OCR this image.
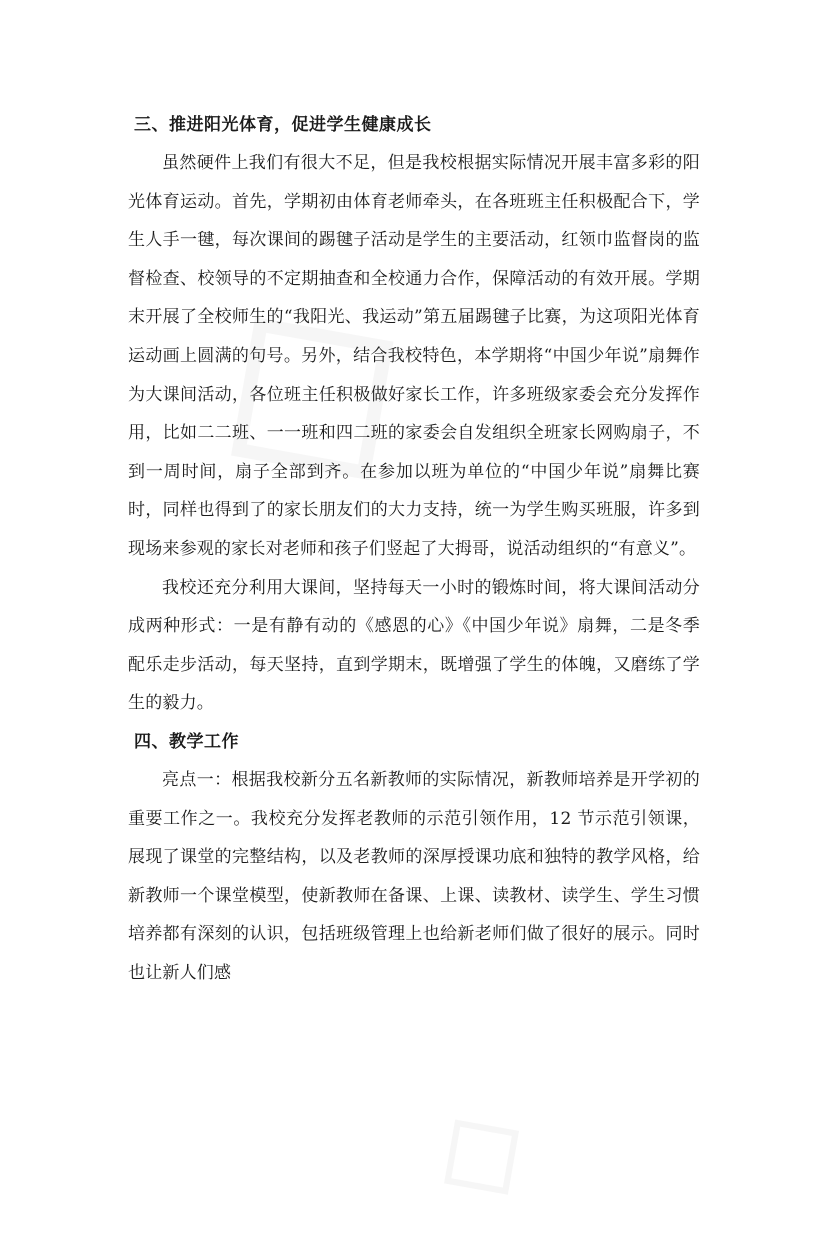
三、推进阳光体育，促进学生健康成长

虽然硬件上我们有很大不足，但是我校根据实际情况开展丰富多彩的阳光体育运动。首先，学期初由体育老师牵头，在各班班主任积极配合下，学生人手一毽，每次课间的踢毽子活动是学生的主要活动，红领巾监督岗的监督检查、校领导的不定期抽查和全校通力合作，保障活动的有效开展。学期末开展了全校师生的“我阳光、我运动”第五届踢毽子比赛，为这项阳光体育运动画上圆满的句号。另外，结合我校特色，本学期将“中国少年说”扇舞作为大课间活动，各位班主任积极做好家长工作，许多班级家委会充分发挥作用，比如二二班、一一班和四二班的家委会自发组织全班家长网购扇子，不到一周时间，扇子全部到齐。在参加以班为单位的“中国少年说”扇舞比赛时，同样也得到了的家长朋友们的大力支持，统一为学生购买班服，许多到现场来参观的家长对老师和孩子们竖起了大拇哥，说活动组织的“有意义”。

我校还充分利用大课间，坚持每天一小时的锻炼时间，将大课间活动分成两种形式：一是有静有动的《感恩的心》《中国少年说》扇舞，二是冬季配乐走步活动，每天坚持，直到学期末，既增强了学生的体魄，又磨练了学生的毅力。

四、教学工作

亮点一：根据我校新分五名新教师的实际情况，新教师培养是开学初的重要工作之一。我校充分发挥老教师的示范引领作用，12 节示范引领课，展现了课堂的完整结构，以及老教师的深厚授课功底和独特的教学风格，给新教师一个课堂模型，使新教师在备课、上课、读教材、读学生、学生习惯培养都有深刻的认识，包括班级管理上也给新老师们做了很好的展示。同时也让新人们感
